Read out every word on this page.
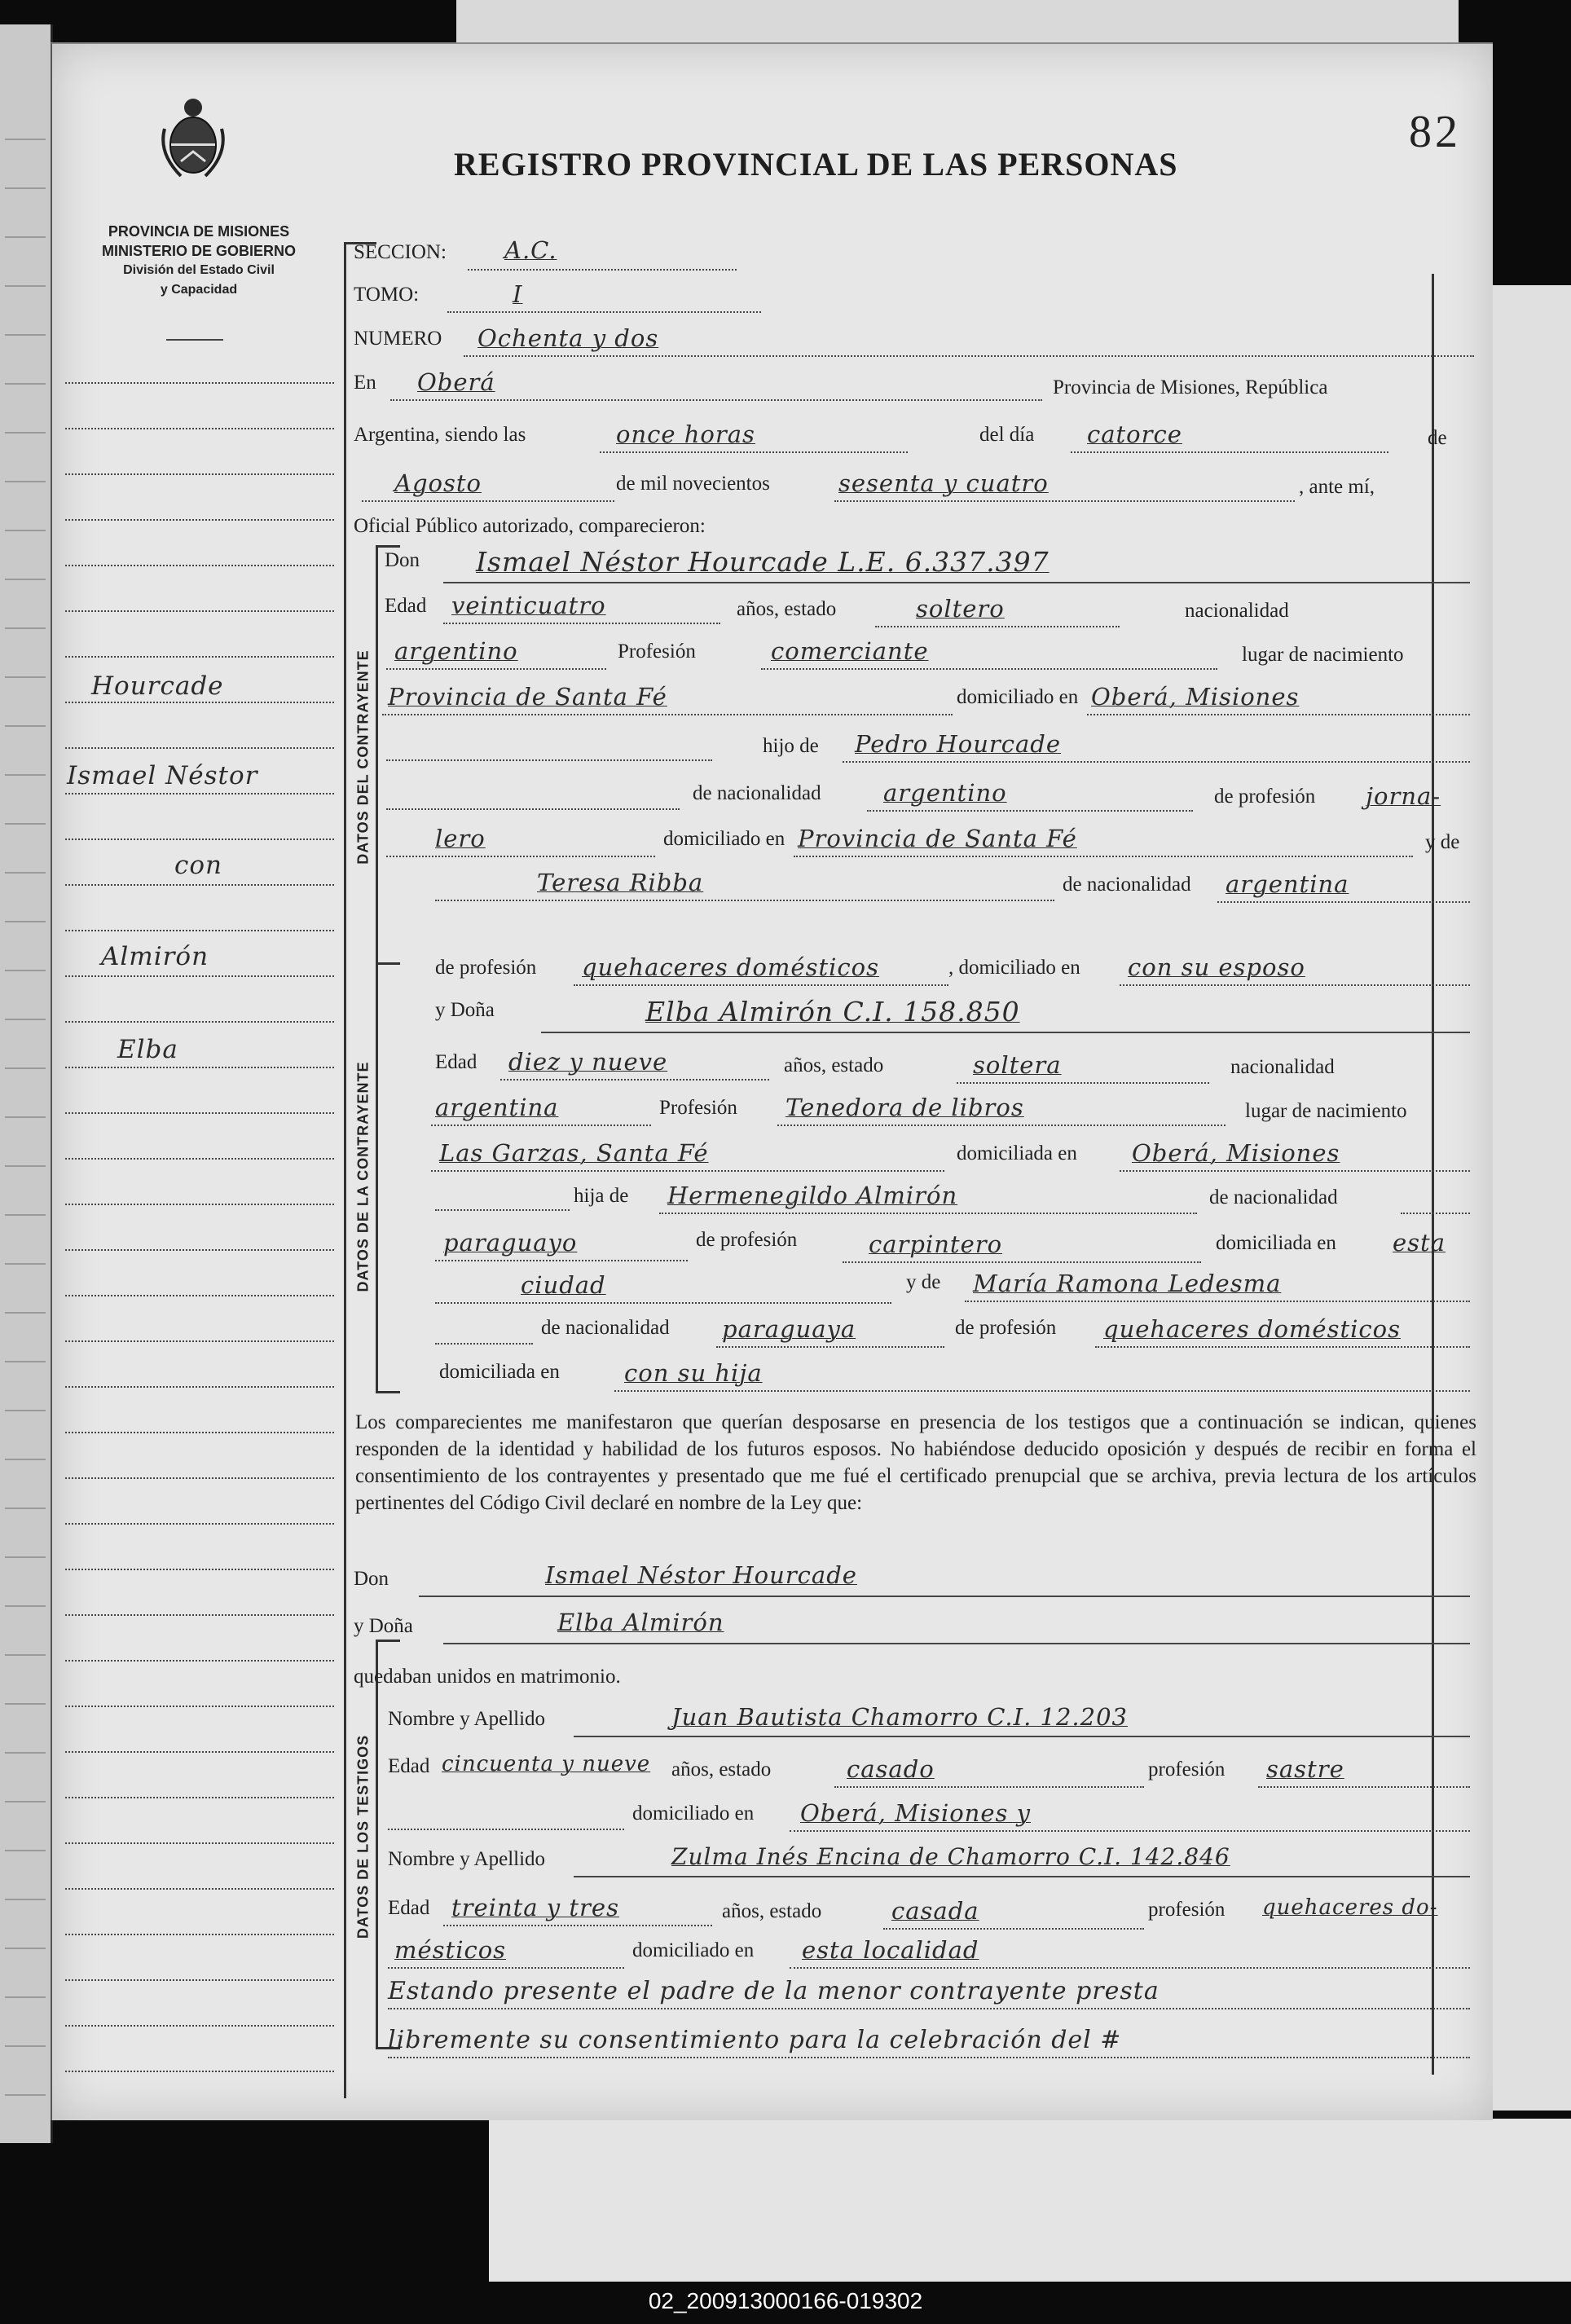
82
REGISTRO PROVINCIAL DE LAS PERSONAS
PROVINCIA DE MISIONES
MINISTERIO DE GOBIERNO
División del Estado Civil
y Capacidad
Hourcade
Ismael Néstor
con
Almirón
Elba
DATOS DEL CONTRAYENTE
DATOS DE LA CONTRAYENTE
DATOS DE LOS TESTIGOS
SECCION: A.C.
TOMO:	I
NUMERO Ochenta y dos
En Oberá	Provincia de Misiones, República
Argentina, siendo las	once horas	del día catorce	de
Agosto	de mil novecientos	sesenta y cuatro	, ante mí,
Oficial Público autorizado, comparecieron:
Don Ismael Néstor Hourcade L.E. 6.337.397
Edad veinticuatro	años, estado	soltero	nacionalidad
argentino	Profesión	comerciante	lugar de nacimiento
Provincia de Santa Fé	domiciliado en Oberá, Misiones
hijo de Pedro Hourcade
de nacionalidad	argentino	de profesión jorna-
lero	domiciliado en Provincia de Santa Fé	y de
Teresa Ribba	de nacionalidad argentina
de profesión quehaceres domésticos	, domiciliado en con su esposo
y Doña	Elba Almirón C.I. 158.850
Edad diez y nueve	años, estado	soltera	nacionalidad
argentina	Profesión Tenedora de libros	lugar de nacimiento
Las Garzas, Santa Fé	domiciliada en Oberá, Misiones
hija de Hermenegildo Almirón	de nacionalidad
paraguayo	de profesión	carpintero	domiciliada en esta
ciudad	y de María Ramona Ledesma
de nacionalidad paraguaya	de profesión quehaceres domésticos
domiciliada en	con su hija
Los comparecientes me manifestaron que querían desposarse en presencia de los testigos que a continuación se indican, quienes responden de la identidad y habilidad de los futuros esposos. No habiéndose deducido oposición y después de recibir en forma el consentimiento de los contrayentes y presentado que me fué el certificado prenupcial que se archiva, previa lectura de los artículos pertinentes del Código Civil declaré en nombre de la Ley que:
Don	Ismael Néstor Hourcade
y Doña	Elba Almirón
quedaban unidos en matrimonio.
Nombre y Apellido	Juan Bautista Chamorro C.I. 12.203
Edad cincuenta y nueve años, estado	casado	profesión sastre
domiciliado en Oberá, Misiones y
Nombre y Apellido	Zulma Inés Encina de Chamorro C.I. 142.846
Edad treinta y tres	años, estado	casada	profesión quehaceres do-
mésticos	domiciliado en esta localidad
Estando presente el padre de la menor contrayente presta
libremente su consentimiento para la celebración del #
02_200913000166-019302
